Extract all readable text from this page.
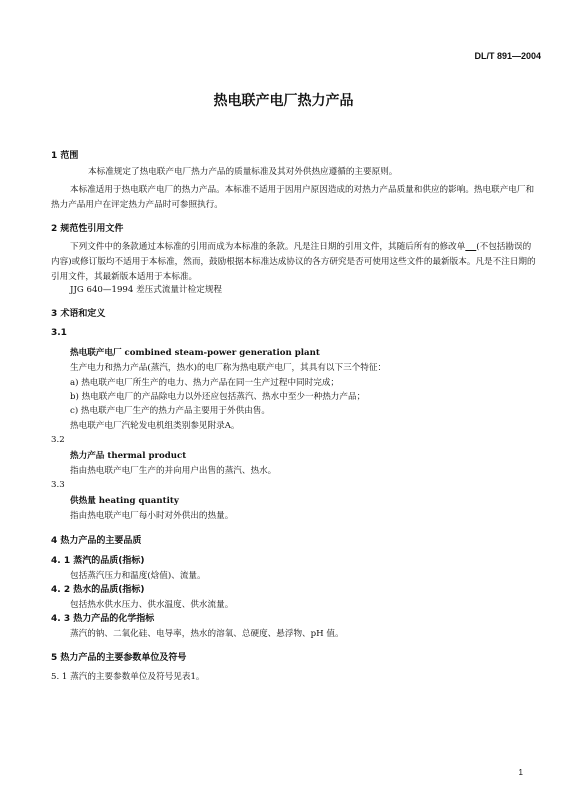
DL/T 891—2004
热电联产电厂热力产品
1 范围
本标准规定了热电联产电厂热力产品的质量标准及其对外供热应遵循的主要原则。
本标准适用于热电联产电厂的热力产品。本标准不适用于因用户原因造成的对热力产品质量和供应的影响。热电联产电厂和热力产品用户在评定热力产品时可参照执行。
2 规范性引用文件
下列文件中的条款通过本标准的引用而成为本标准的条款。凡是注日期的引用文件，其随后所有的修改单 (不包括勘误的内容)或修订版均不适用于本标准，然而，鼓励根据本标准达成协议的各方研究是否可使用这些文件的最新版本。凡是不注日期的引用文件，其最新版本适用于本标准。
JJG 640—1994 差压式流量计检定规程
3 术语和定义
3.1
热电联产电厂 combined steam-power generation plant
生产电力和热力产品(蒸汽，热水)的电厂称为热电联产电厂，其具有以下三个特征：
a) 热电联产电厂所生产的电力、热力产品在同一生产过程中同时完成；
b) 热电联产电厂的产品除电力以外还应包括蒸汽、热水中至少一种热力产品；
c) 热电联产电厂生产的热力产品主要用于外供由售。
热电联产电厂汽轮发电机组类别参见附录A。
3.2
热力产品 thermal product
指由热电联产电厂生产的并向用户出售的蒸汽、热水。
3.3
供热量 heating quantity
指由热电联产电厂每小时对外供出的热量。
4 热力产品的主要品质
4. 1 蒸汽的品质(指标)
包括蒸汽压力和温度(焓值)、流量。
4. 2 热水的品质(指标)
包括热水供水压力、供水温度、供水流量。
4. 3 热力产品的化学指标
蒸汽的钠、二氧化硅、电导率，热水的溶氧、总硬度、悬浮物、pH 值。
5 热力产品的主要参数单位及符号
5. 1 蒸汽的主要参数单位及符号见表1。
1
